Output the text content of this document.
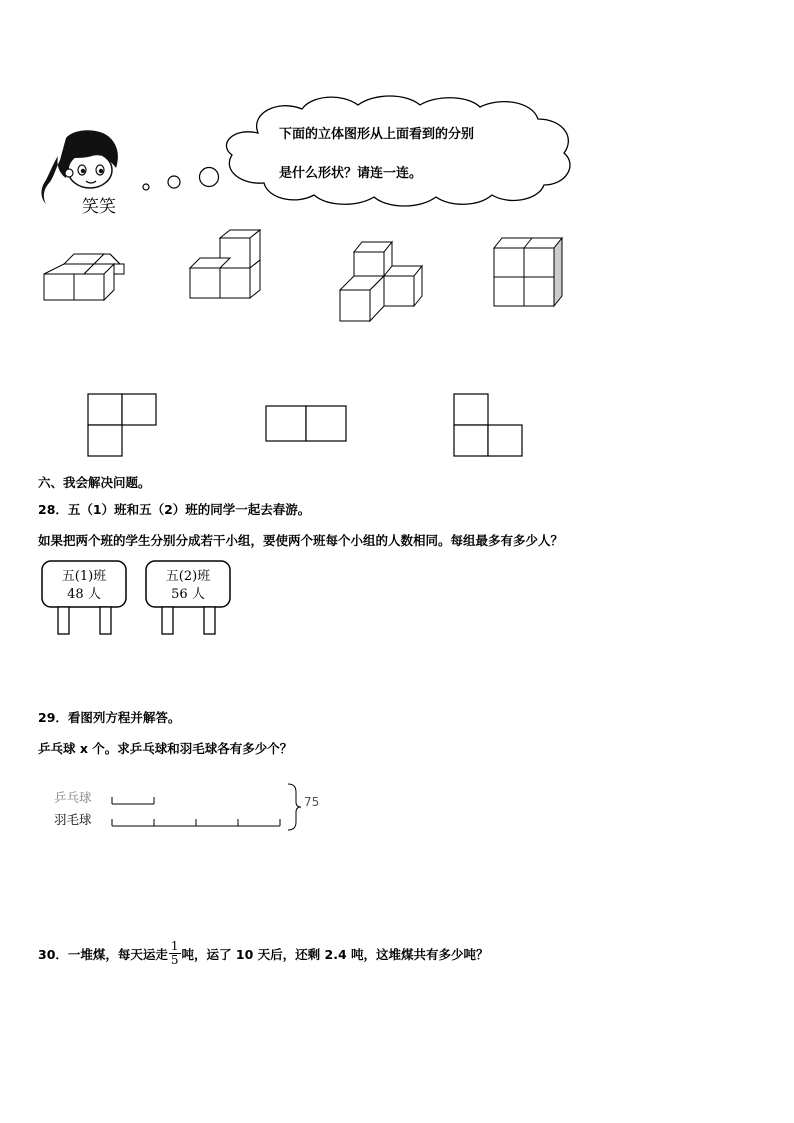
笑笑
下面的立体图形从上面看到的分别
是什么形状？请连一连。
六、我会解决问题。
28．五（1）班和五（2）班的同学一起去春游。
如果把两个班的学生分别分成若干小组，要使两个班每个小组的人数相同。每组最多有多少人？
五(1)班
48 人
五(2)班
56 人
29．看图列方程并解答。
乒乓球 x 个。求乒乓球和羽毛球各有多少个？
乒乓球
羽毛球
75
30．一堆煤，每天运走 $\frac{1}{5}$ 吨，运了 10 天后，还剩 2.4 吨，这堆煤共有多少吨？
